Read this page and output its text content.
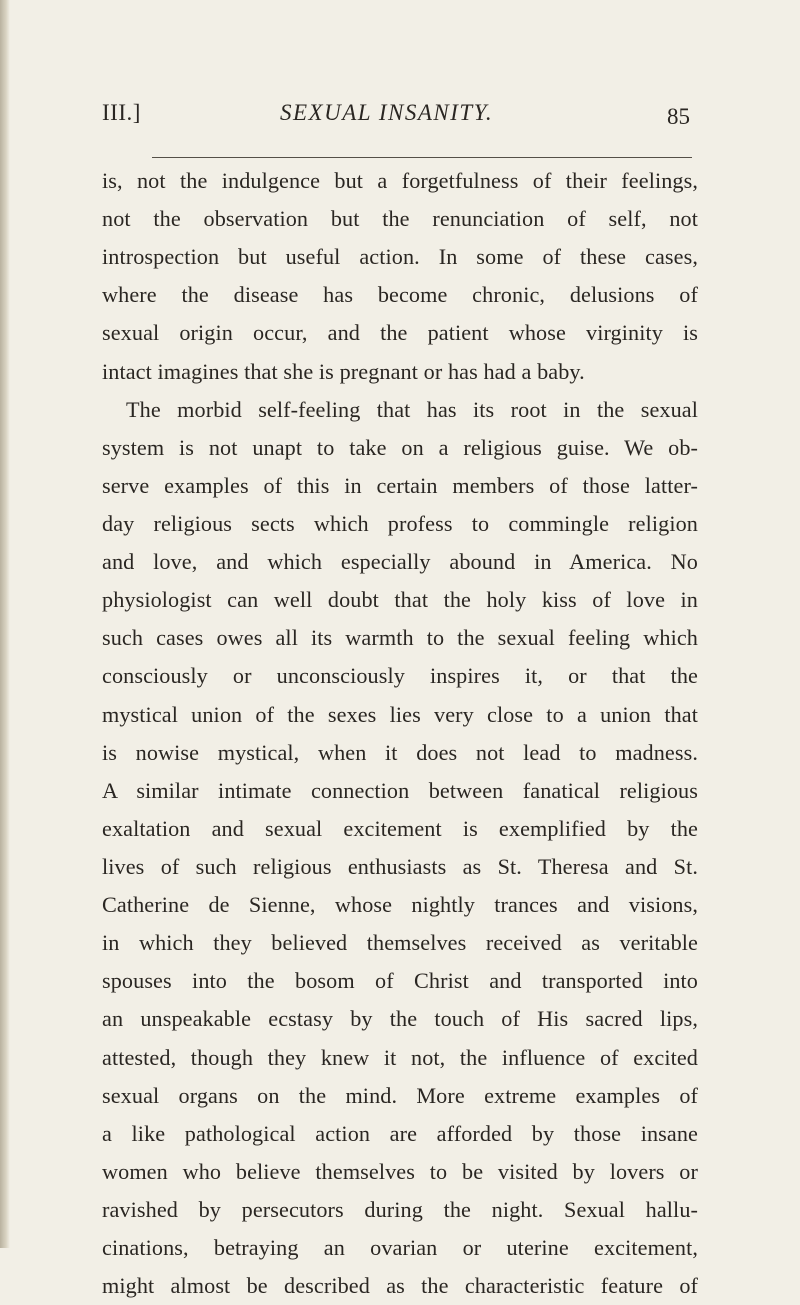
III.]	SEXUAL INSANITY.	85
is, not the indulgence but a forgetfulness of their feelings,
not the observation but the renunciation of self, not
introspection but useful action. In some of these cases,
where the disease has become chronic, delusions of
sexual origin occur, and the patient whose virginity is
intact imagines that she is pregnant or has had a baby.
The morbid self-feeling that has its root in the sexual
system is not unapt to take on a religious guise. We ob-
serve examples of this in certain members of those latter-
day religious sects which profess to commingle religion
and love, and which especially abound in America. No
physiologist can well doubt that the holy kiss of love in
such cases owes all its warmth to the sexual feeling which
consciously or unconsciously inspires it, or that the
mystical union of the sexes lies very close to a union that
is nowise mystical, when it does not lead to madness.
A similar intimate connection between fanatical religious
exaltation and sexual excitement is exemplified by the
lives of such religious enthusiasts as St. Theresa and St.
Catherine de Sienne, whose nightly trances and visions,
in which they believed themselves received as veritable
spouses into the bosom of Christ and transported into
an unspeakable ecstasy by the touch of His sacred lips,
attested, though they knew it not, the influence of excited
sexual organs on the mind. More extreme examples of
a like pathological action are afforded by those insane
women who believe themselves to be visited by lovers or
ravished by persecutors during the night. Sexual hallu-
cinations, betraying an ovarian or uterine excitement,
might almost be described as the characteristic feature of
